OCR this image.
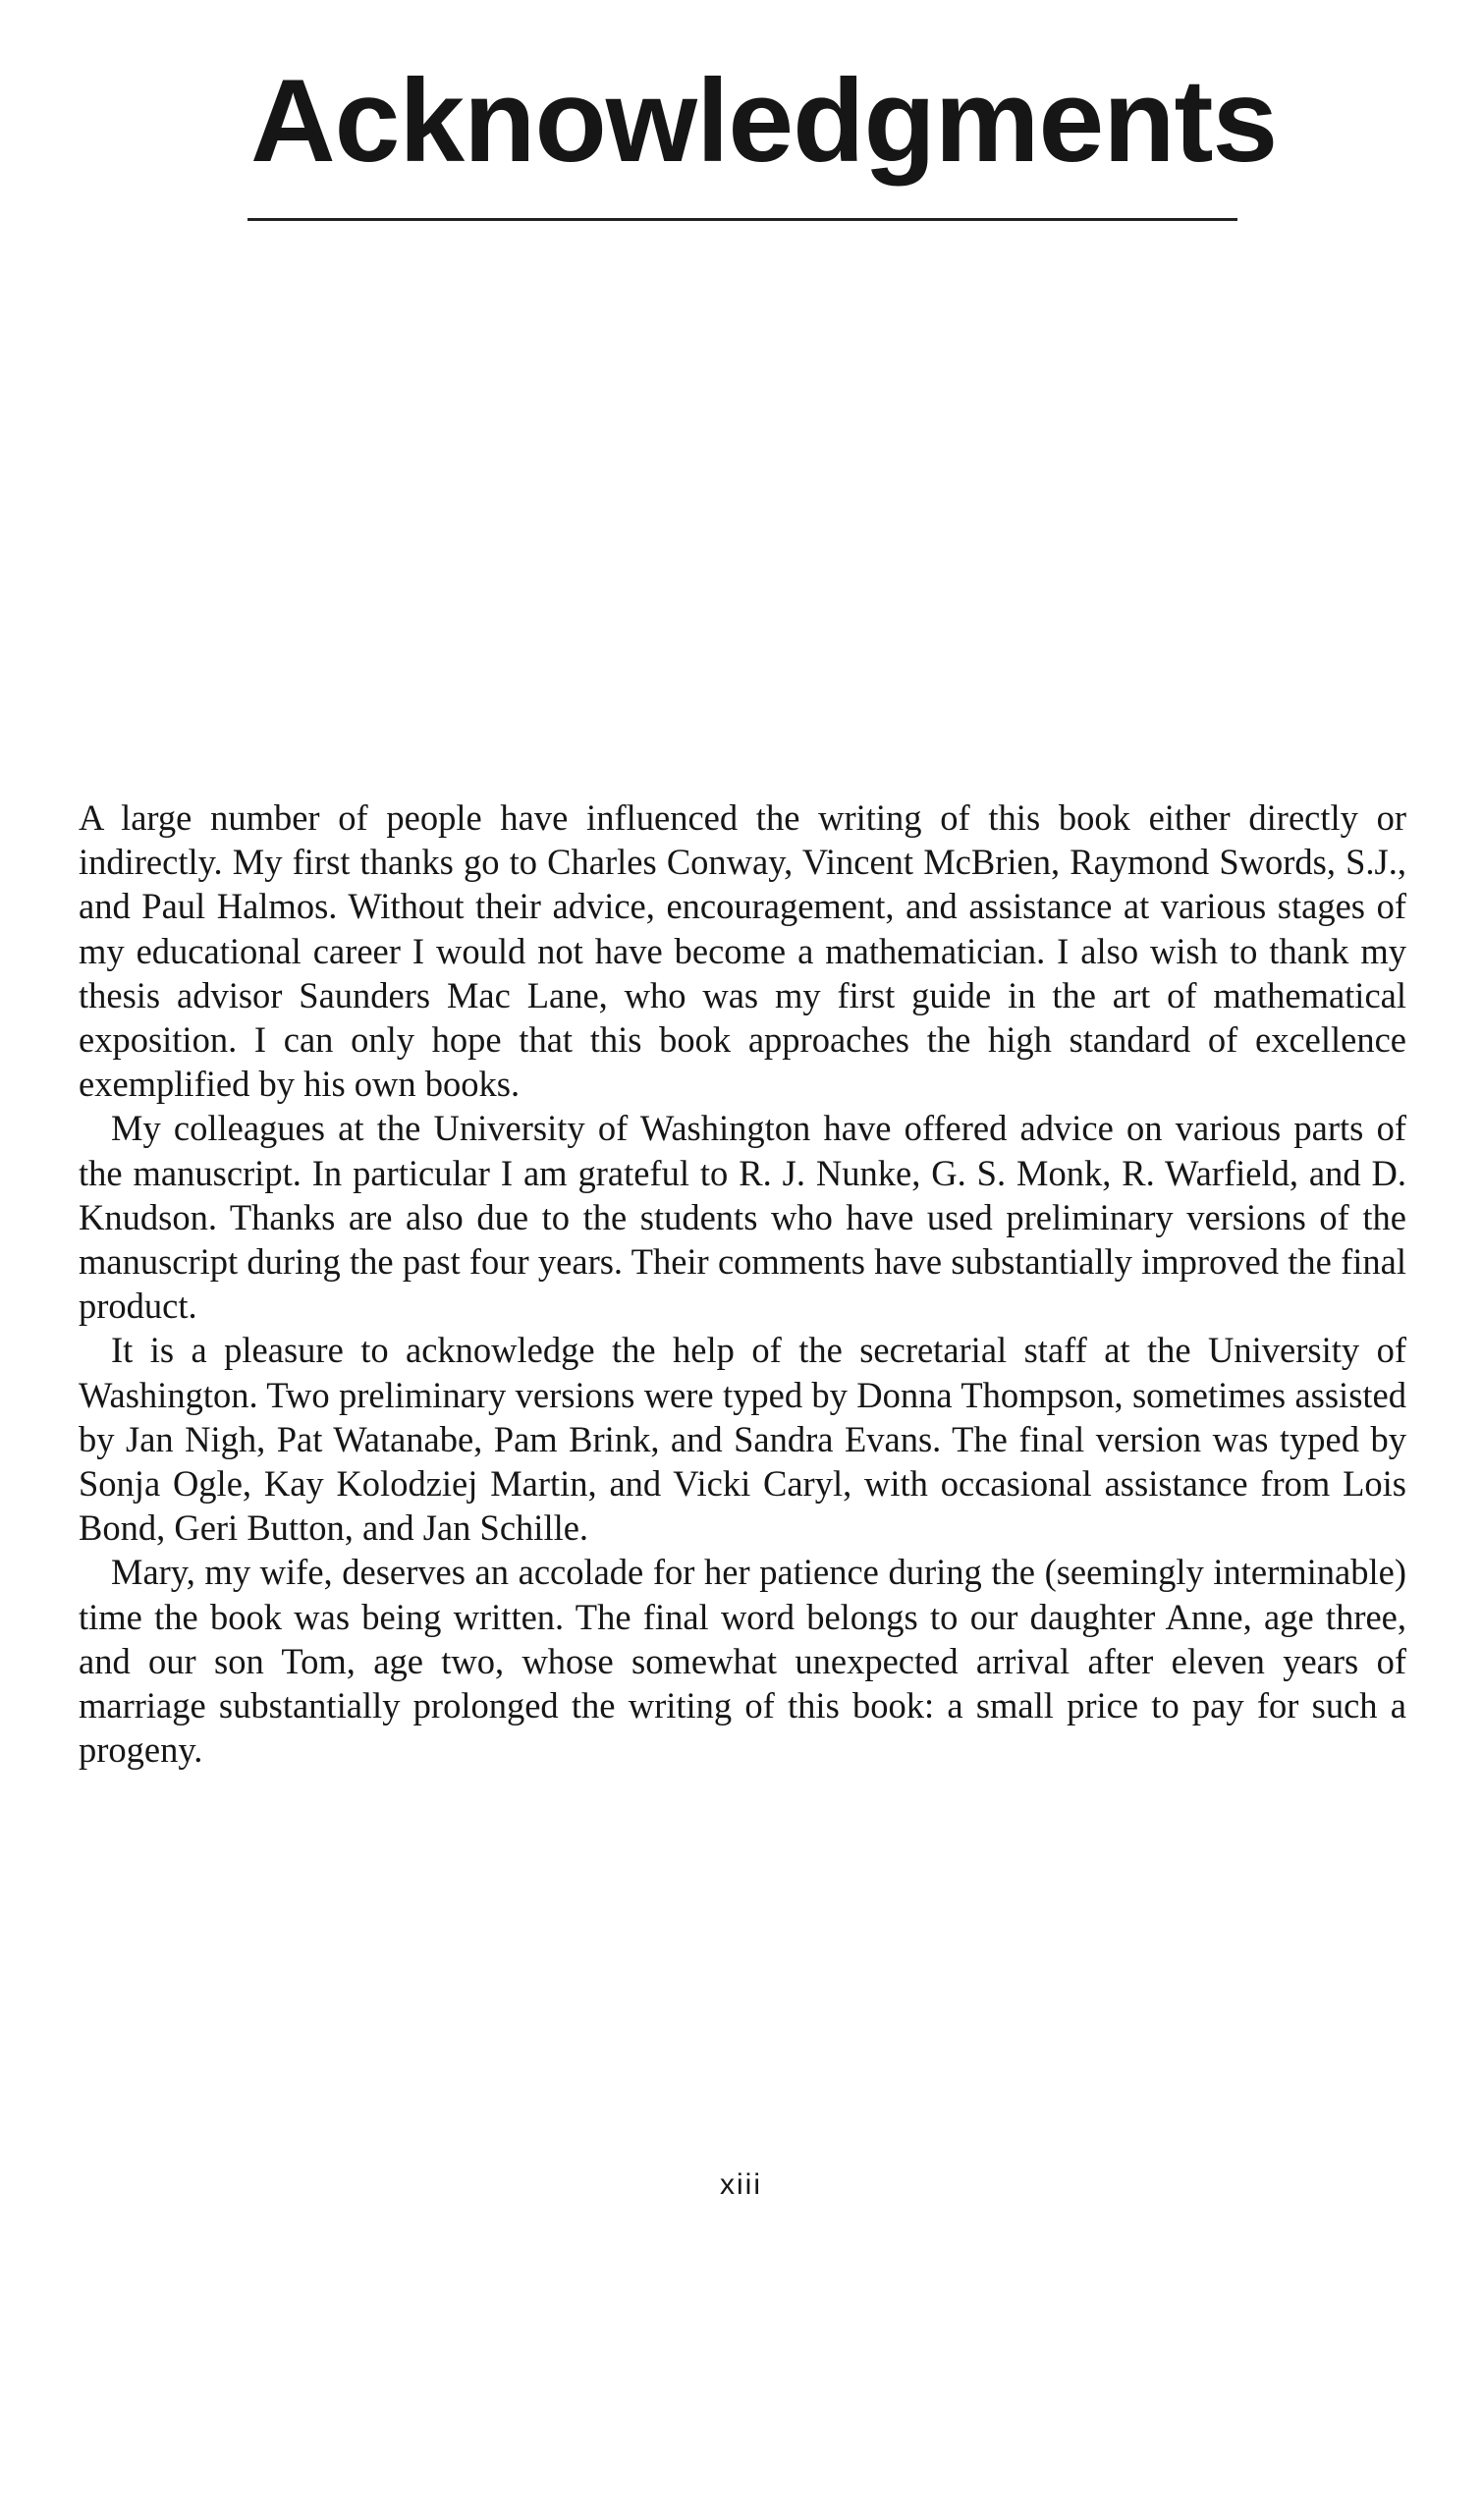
Acknowledgments

A large number of people have influenced the writing of this book either directly or indirectly. My first thanks go to Charles Conway, Vincent McBrien, Raymond Swords, S.J., and Paul Halmos. Without their advice, encouragement, and assistance at various stages of my educational career I would not have become a mathematician. I also wish to thank my thesis advisor Saunders Mac Lane, who was my first guide in the art of mathematical exposition. I can only hope that this book approaches the high standard of excellence exemplified by his own books.

My colleagues at the University of Washington have offered advice on various parts of the manuscript. In particular I am grateful to R. J. Nunke, G. S. Monk, R. Warfield, and D. Knudson. Thanks are also due to the students who have used preliminary versions of the manuscript during the past four years. Their comments have substantially improved the final product.

It is a pleasure to acknowledge the help of the secretarial staff at the University of Washington. Two preliminary versions were typed by Donna Thompson, sometimes assisted by Jan Nigh, Pat Watanabe, Pam Brink, and Sandra Evans. The final version was typed by Sonja Ogle, Kay Kolodziej Martin, and Vicki Caryl, with occasional assistance from Lois Bond, Geri Button, and Jan Schille.

Mary, my wife, deserves an accolade for her patience during the (seemingly interminable) time the book was being written. The final word belongs to our daughter Anne, age three, and our son Tom, age two, whose somewhat unexpected arrival after eleven years of marriage substantially prolonged the writing of this book: a small price to pay for such a progeny.

xiii
